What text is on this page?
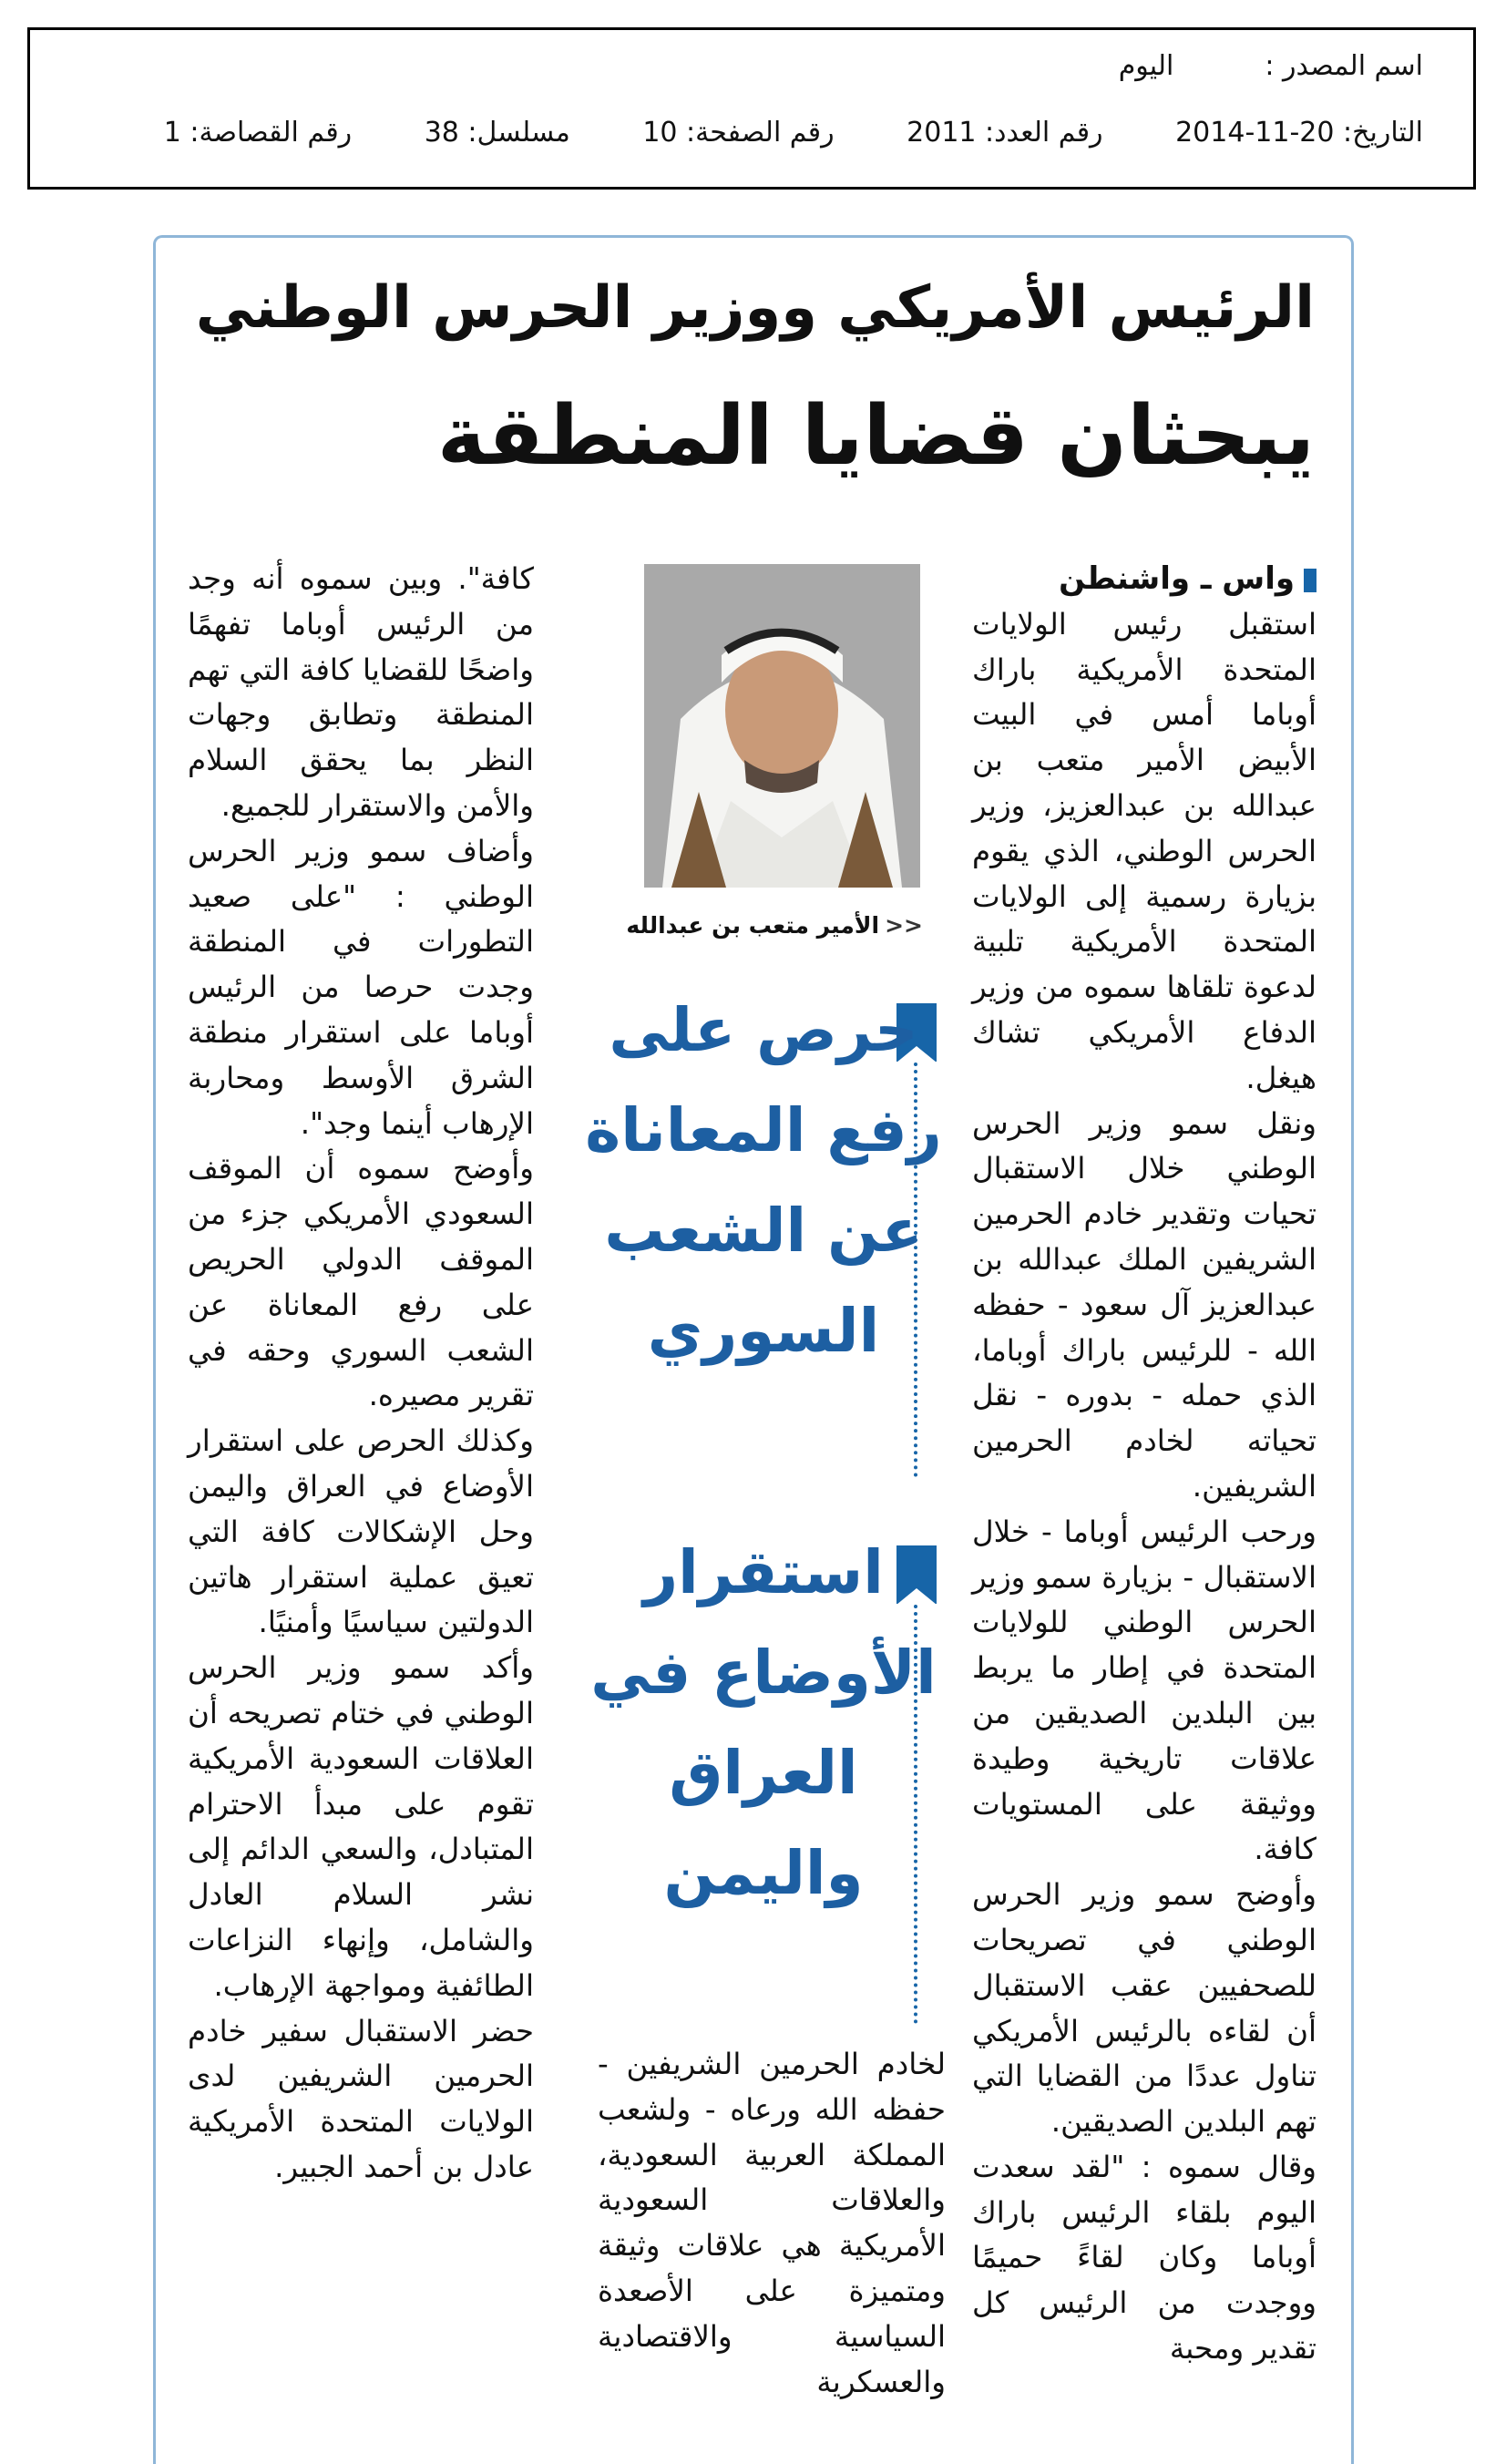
اسم المصدر :اليوم
التاريخ: 20-11-2014 رقم العدد: 2011 رقم الصفحة: 10 مسلسل: 38 رقم القصاصة: 1
الرئيس الأمريكي ووزير الحرس الوطني
يبحثان قضايا المنطقة

واس ـ واشنطن

استقبل رئيس الولايات المتحدة الأمريكية باراك أوباما أمس في البيت الأبيض الأمير متعب بن عبدالله بن عبدالعزيز، وزير الحرس الوطني، الذي يقوم بزيارة رسمية إلى الولايات المتحدة الأمريكية تلبية لدعوة تلقاها سموه من وزير الدفاع الأمريكي تشاك هيغل.

ونقل سمو وزير الحرس الوطني خلال الاستقبال تحيات وتقدير خادم الحرمين الشريفين الملك عبدالله بن عبدالعزيز آل سعود - حفظه الله - للرئيس باراك أوباما، الذي حمله - بدوره - نقل تحياته لخادم الحرمين الشريفين.

ورحب الرئيس أوباما - خلال الاستقبال - بزيارة سمو وزير الحرس الوطني للولايات المتحدة في إطار ما يربط بين البلدين الصديقين من علاقات تاريخية وطيدة ووثيقة على المستويات كافة.

وأوضح سمو وزير الحرس الوطني في تصريحات للصحفيين عقب الاستقبال أن لقاءه بالرئيس الأمريكي تناول عددًا من القضايا التي تهم البلدين الصديقين.

وقال سموه : "لقد سعدت اليوم بلقاء الرئيس باراك أوباما وكان لقاءً حميمًا ووجدت من الرئيس كل تقدير ومحبة

<<الأمير متعب بن عبدالله
حرص على رفع المعاناة عن الشعب السوري
استقرار الأوضاع في العراق واليمن

لخادم الحرمين الشريفين - حفظه الله ورعاه - ولشعب المملكة العربية السعودية، والعلاقات السعودية الأمريكية هي علاقات وثيقة ومتميزة على الأصعدة السياسية والاقتصادية والعسكرية

كافة". وبين سموه أنه وجد من الرئيس أوباما تفهمًا واضحًا للقضايا كافة التي تهم المنطقة وتطابق وجهات النظر بما يحقق السلام والأمن والاستقرار للجميع.

وأضاف سمو وزير الحرس الوطني : "على صعيد التطورات في المنطقة وجدت حرصا من الرئيس أوباما على استقرار منطقة الشرق الأوسط ومحاربة الإرهاب أينما وجد".

وأوضح سموه أن الموقف السعودي الأمريكي جزء من الموقف الدولي الحريص على رفع المعاناة عن الشعب السوري وحقه في تقرير مصيره.

وكذلك الحرص على استقرار الأوضاع في العراق واليمن وحل الإشكالات كافة التي تعيق عملية استقرار هاتين الدولتين سياسيًا وأمنيًا.

وأكد سمو وزير الحرس الوطني في ختام تصريحه أن العلاقات السعودية الأمريكية تقوم على مبدأ الاحترام المتبادل، والسعي الدائم إلى نشر السلام العادل والشامل، وإنهاء النزاعات الطائفية ومواجهة الإرهاب.

حضر الاستقبال سفير خادم الحرمين الشريفين لدى الولايات المتحدة الأمريكية عادل بن أحمد الجبير.
